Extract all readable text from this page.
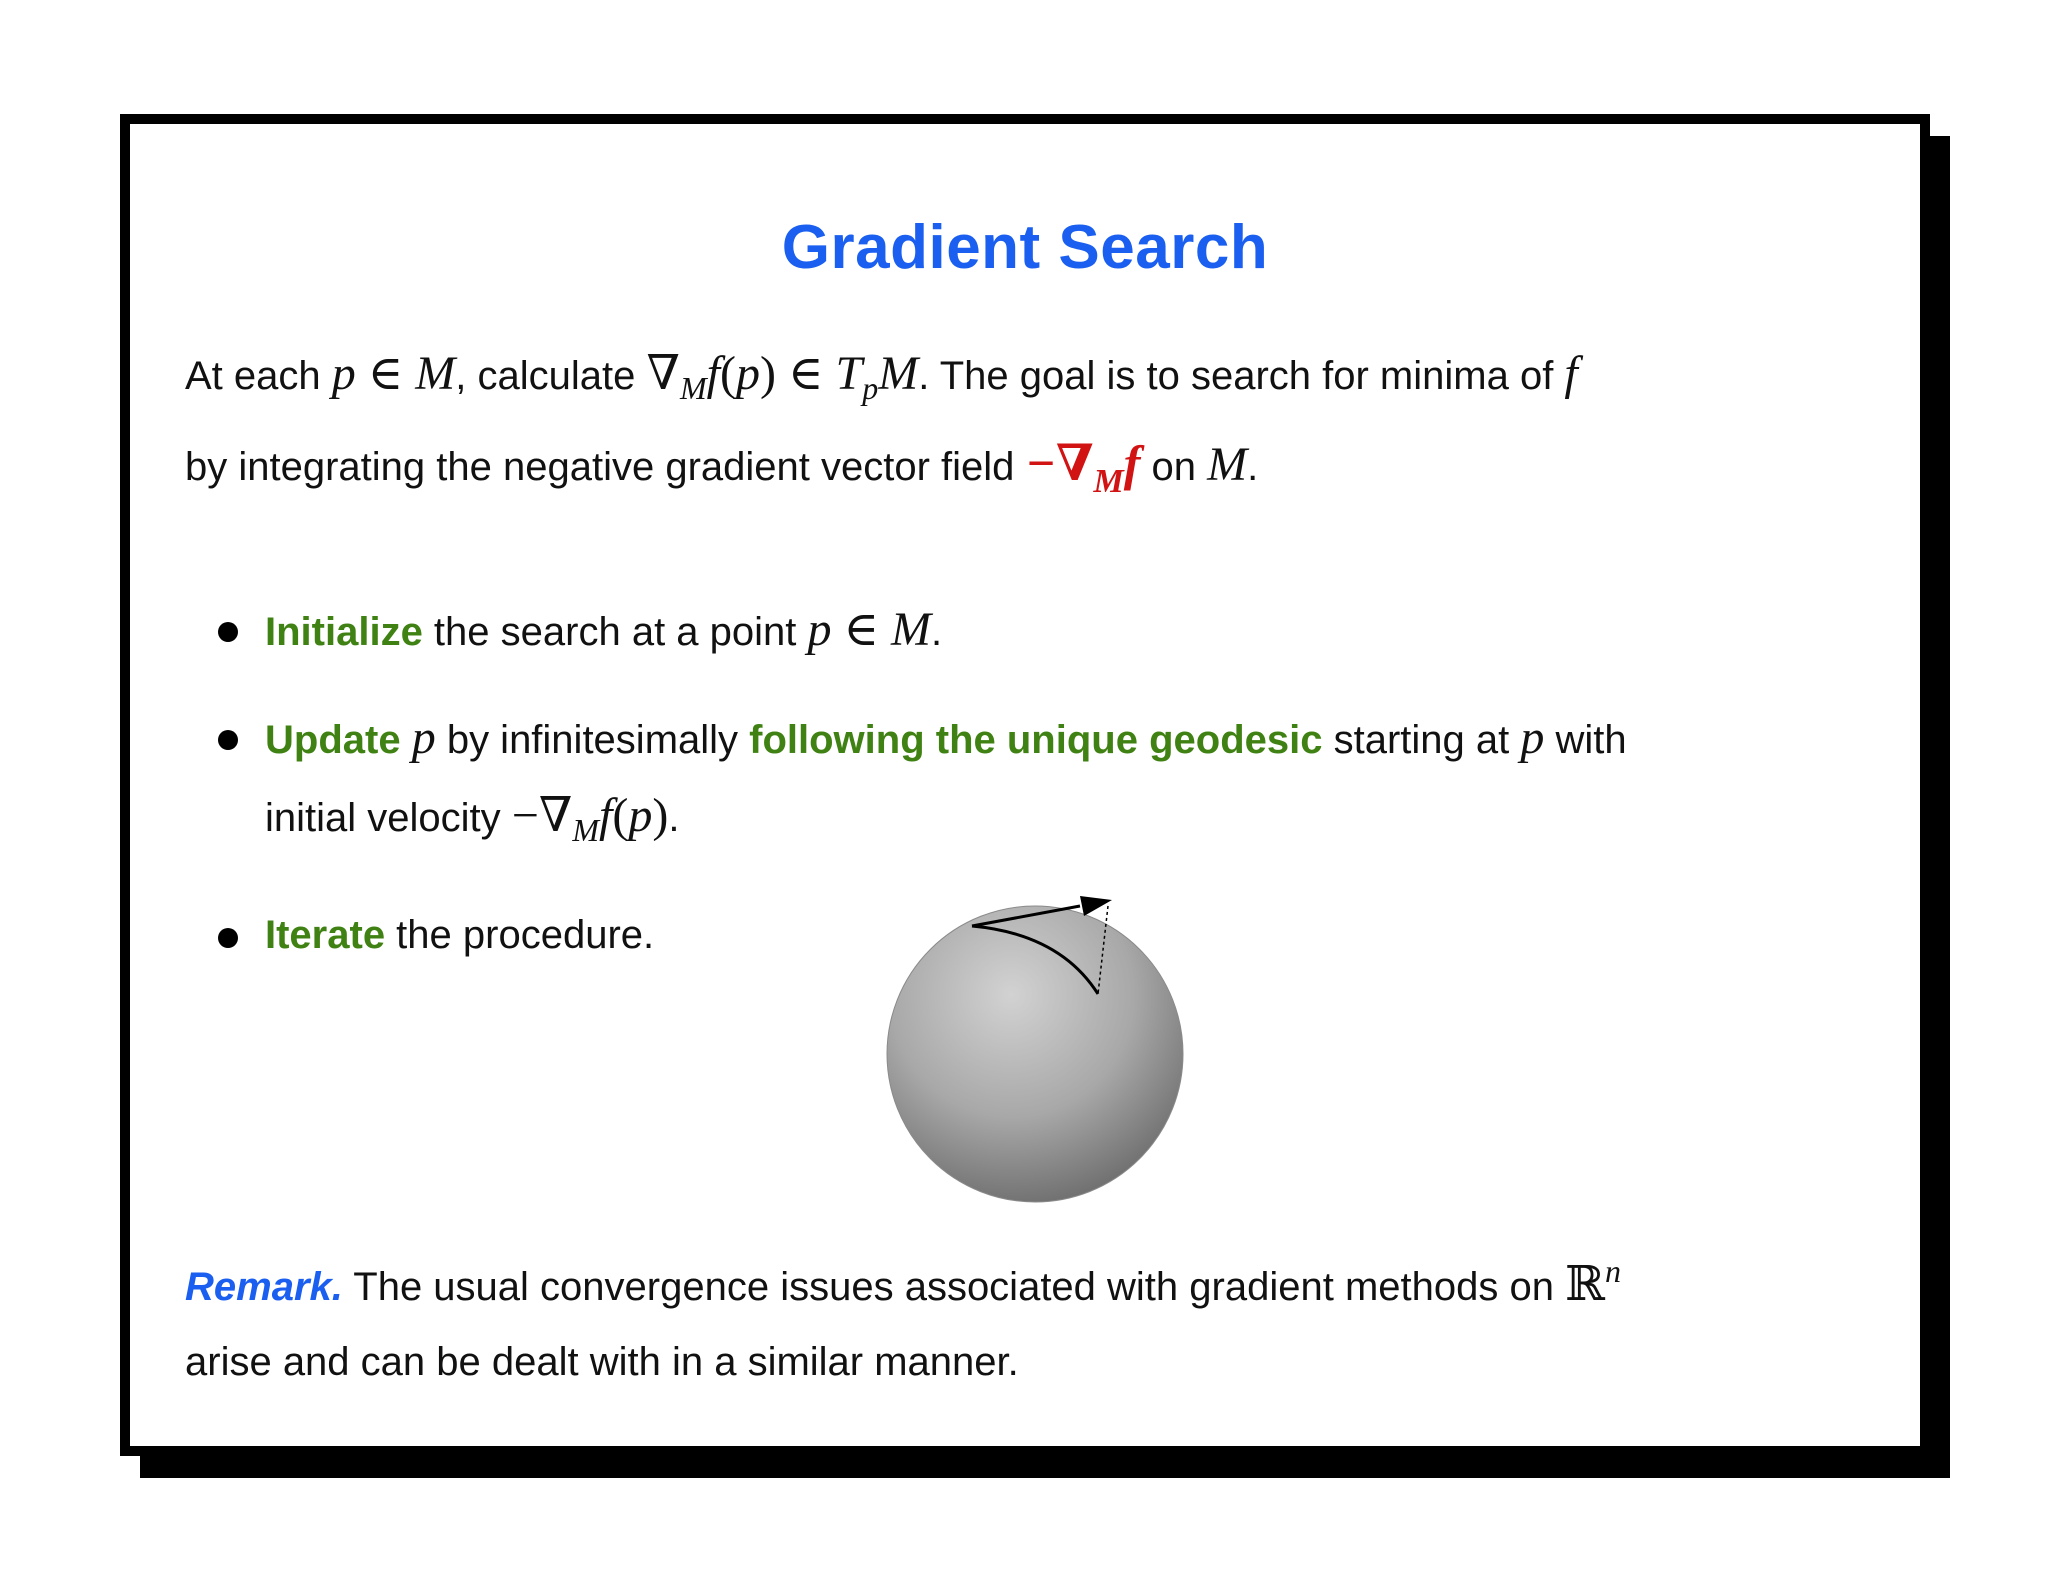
Gradient Search
At each p ∈ M, calculate $\nabla_Mf(p)$ ∈ $T_pM$. The goal is to search for minima of f
by integrating the negative gradient vector field $-\nabla_Mf$ on M.
Initialize the search at a point p ∈ M.
Update p by infinitesimally following the unique geodesic starting at p with
initial velocity $-\nabla_Mf(p)$.
Iterate the procedure.
Remark. The usual convergence issues associated with gradient methods on ℝ$^n$
arise and can be dealt with in a similar manner.
